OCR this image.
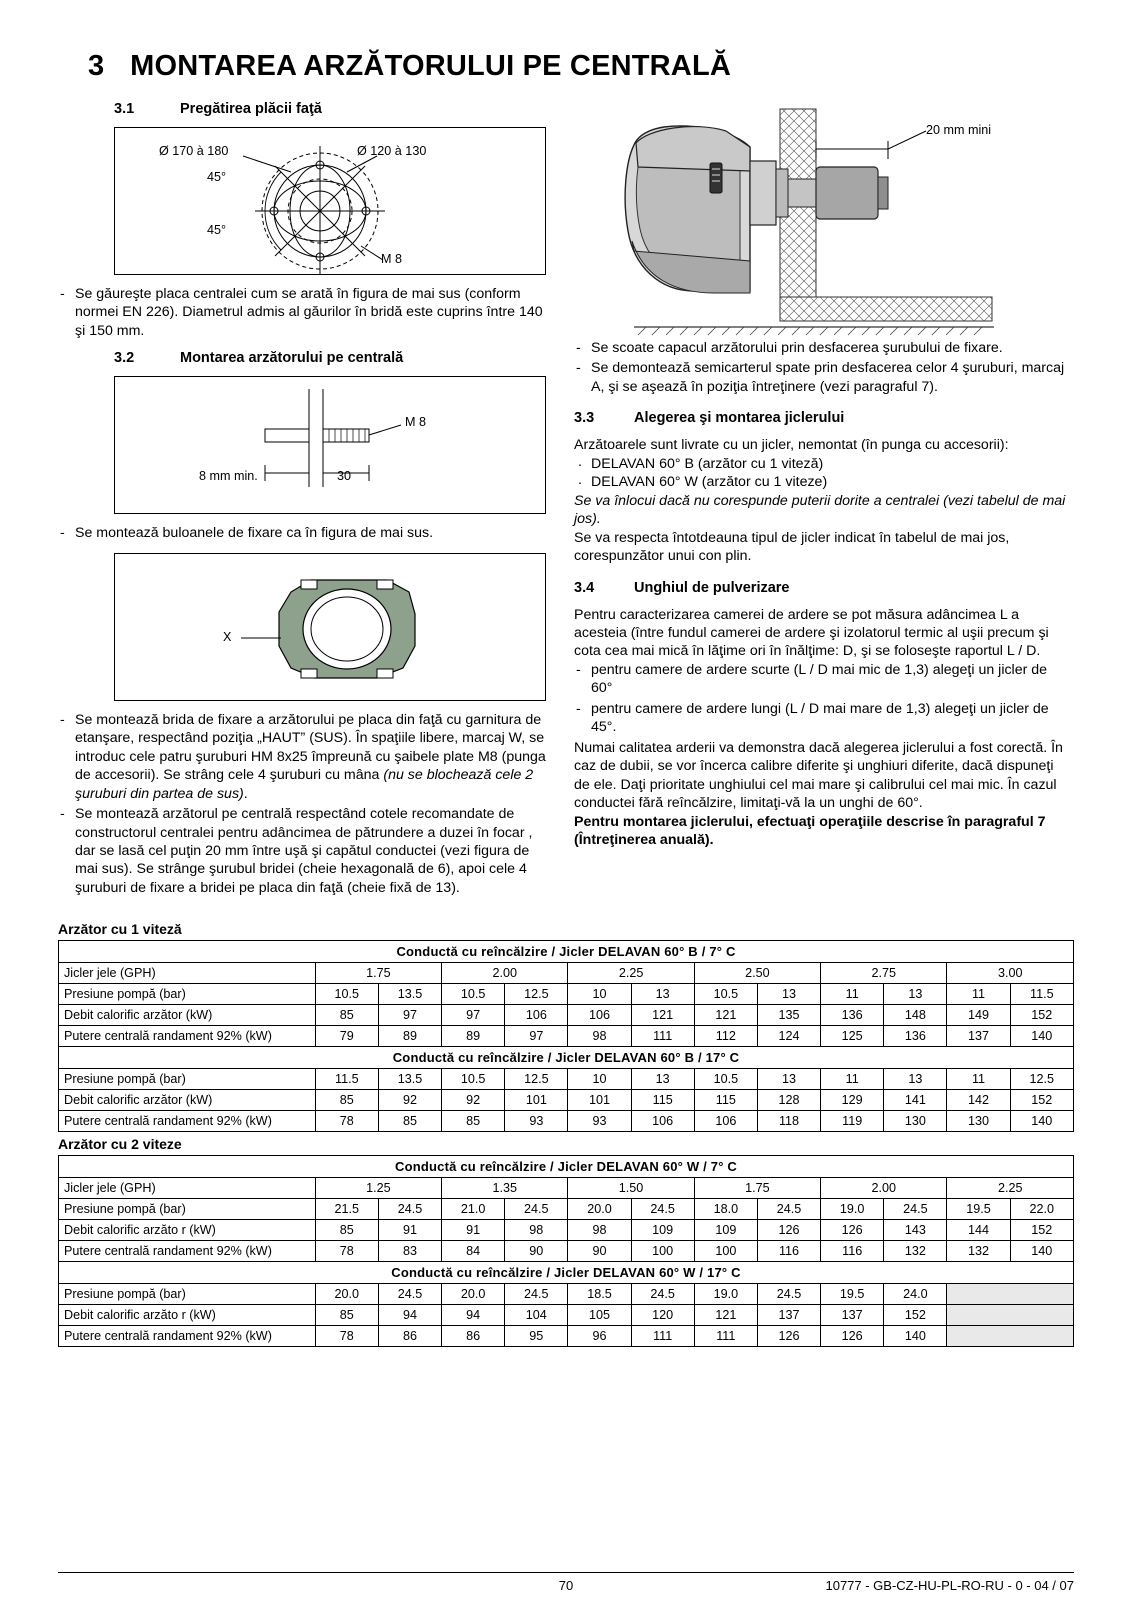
3 MONTAREA ARZĂTORULUI PE CENTRALĂ
3.1	Pregătirea plăcii faţă
Ø 170 à 180	Ø 120 à 130
45°
45°
M 8
- Se găureşte placa centralei cum se arată în figura de mai sus (conform normei EN 226). Diametrul admis al găurilor în bridă este cuprins între 140 şi 150 mm.
3.2	Montarea arzătorului pe centrală
M 8
8 mm min.	30
- Se montează buloanele de fixare ca în figura de mai sus.
X
- Se montează brida de fixare a arzătorului pe placa din faţă cu garnitura de etanşare, respectând poziţia „HAUT” (SUS). În spaţiile libere, marcaj W, se introduc cele patru şuruburi HM 8x25 împreună cu şaibele plate M8 (punga de accesorii). Se strâng cele 4 şuruburi cu mâna (nu se blochează cele 2 şuruburi din partea de sus).
- Se montează arzătorul pe centrală respectând cotele recomandate de constructorul centralei pentru adâncimea de pătrundere a duzei în focar , dar se lasă cel puţin 20 mm între uşă şi capătul conductei (vezi figura de mai sus). Se strânge şurubul bridei (cheie hexagonală de 6), apoi cele 4 şuruburi de fixare a bridei pe placa din faţă (cheie fixă de 13).
20 mm mini
- Se scoate capacul arzătorului prin desfacerea şurubului de fixare.
- Se demontează semicarterul spate prin desfacerea celor 4 şuruburi, marcaj A, şi se aşează în poziţia întreţinere (vezi paragraful 7).
3.3	Alegerea şi montarea jiclerului

Arzătoarele sunt livrate cu un jicler, nemontat (în punga cu accesorii):

. DELAVAN 60° B (arzător cu 1 viteză)
. DELAVAN 60° W (arzător cu 1 viteze)

Se va înlocui dacă nu corespunde puterii dorite a centralei (vezi tabelul de mai jos).

Se va respecta întotdeauna tipul de jicler indicat în tabelul de mai jos, corespunzător unui con plin.

3.4	Unghiul de pulverizare

Pentru caracterizarea camerei de ardere se pot măsura adâncimea L a acesteia (între fundul camerei de ardere şi izolatorul termic al uşii precum şi cota cea mai mică în lăţime ori în înălţime: D, şi se foloseşte raportul L / D.

- pentru camere de ardere scurte (L / D mai mic de 1,3) alegeţi un jicler de 60°
- pentru camere de ardere lungi (L / D mai mare de 1,3) alegeţi un jicler de 45°.

Numai calitatea arderii va demonstra dacă alegerea jiclerului a fost corectă. În caz de dubii, se vor încerca calibre diferite şi unghiuri diferite, dacă dispuneţi de ele. Daţi prioritate unghiului cel mai mare şi calibrului cel mai mic. În cazul conductei fără reîncălzire, limitaţi-vă la un unghi de 60°.

Pentru montarea jiclerului, efectuaţi operaţiile descrise în paragraful 7 (Întreţinerea anuală).

Arzător cu 1 viteză
Conductă cu reîncălzire / Jicler DELAVAN 60° B / 7° C												
Jicler jele (GPH)	1.75		2.00		2.25		2.50		2.75		3.00	
Presiune pompă (bar)	10.5	13.5	10.5	12.5	10	13	10.5	13	11	13	11	11.5
Debit calorific arzător (kW)	85	97	97	106	106	121	121	135	136	148	149	152
Putere centrală randament 92% (kW)	79	89	89	97	98	111	112	124	125	136	137	140
Conductă cu reîncălzire / Jicler DELAVAN 60° B / 17° C												
Presiune pompă (bar)	11.5	13.5	10.5	12.5	10	13	10.5	13	11	13	11	12.5
Debit calorific arzător (kW)	85	92	92	101	101	115	115	128	129	141	142	152
Putere centrală randament 92% (kW)	78	85	85	93	93	106	106	118	119	130	130	140
Arzător cu 2 viteze
Conductă cu reîncălzire / Jicler DELAVAN 60° W / 7° C												
Jicler jele (GPH)	1.25		1.35		1.50		1.75		2.00		2.25	
Presiune pompă (bar)	21.5	24.5	21.0	24.5	20.0	24.5	18.0	24.5	19.0	24.5	19.5	22.0
Debit calorific arzăto r (kW)	85	91	91	98	98	109	109	126	126	143	144	152
Putere centrală randament 92% (kW)	78	83	84	90	90	100	100	116	116	132	132	140
Conductă cu reîncălzire / Jicler DELAVAN 60° W / 17° C												
Presiune pompă (bar)	20.0	24.5	20.0	24.5	18.5	24.5	19.0	24.5	19.5	24.0		
Debit calorific arzăto r (kW)	85	94	94	104	105	120	121	137	137	152		
Putere centrală randament 92% (kW)	78	86	86	95	96	111	111	126	126	140		
70	10777 - GB-CZ-HU-PL-RO-RU - 0 - 04 / 07
